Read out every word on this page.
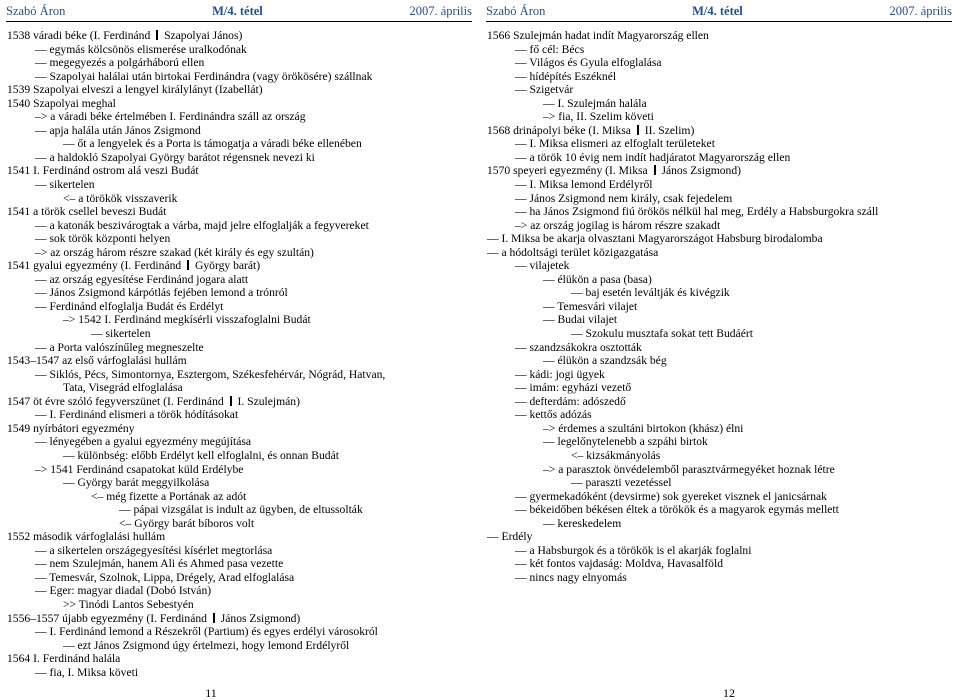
Szabó Áron	M/4. tétel	2007. április
1538 váradi béke (I. Ferdinánd  Szapolyai János)
— egymás kölcsönös elismerése uralkodónak
— megegyezés a polgárháború ellen
— Szapolyai halálai után birtokai Ferdinándra (vagy örökösére) szállnak
1539 Szapolyai elveszi a lengyel királylányt (Izabellát)
1540 Szapolyai meghal
–> a váradi béke értelmében I. Ferdinándra száll az ország
— apja halála után János Zsigmond
— őt a lengyelek és a Porta is támogatja a váradi béke ellenében
— a haldokló Szapolyai György barátot régensnek nevezi ki
1541 I. Ferdinánd ostrom alá veszi Budát
— sikertelen
<– a törökök visszaverik
1541 a török csellel beveszi Budát
— a katonák beszivárogtak a várba, majd jelre elfoglalják a fegyvereket
— sok török központi helyen
–> az ország három részre szakad (két király és egy szultán)
1541 gyalui egyezmény (I. Ferdinánd  György barát)
— az ország egyesítése Ferdinánd jogara alatt
— János Zsigmond kárpótlás fejében lemond a trónról
— Ferdinánd elfoglalja Budát és Erdélyt
–> 1542 I. Ferdinánd megkísérli visszafoglalni Budát
— sikertelen
— a Porta valószínűleg megneszelte
1543–1547 az első várfoglalási hullám
— Siklós, Pécs, Simontornya, Esztergom, Székesfehérvár, Nógrád, Hatvan,
Tata, Visegrád elfoglalása
1547 öt évre szóló fegyverszünet (I. Ferdinánd  I. Szulejmán)
— I. Ferdinánd elismeri a török hódításokat
1549 nyírbátori egyezmény
— lényegében a gyalui egyezmény megújítása
— különbség: előbb Erdélyt kell elfoglalni, és onnan Budát
–> 1541 Ferdinánd csapatokat küld Erdélybe
— György barát meggyilkolása
<– még fizette a Portának az adót
— pápai vizsgálat is indult az ügyben, de eltussolták
<– György barát bíboros volt
1552 második várfoglalási hullám
— a sikertelen országegyesítési kísérlet megtorlása
— nem Szulejmán, hanem Ali és Ahmed pasa vezette
— Temesvár, Szolnok, Lippa, Drégely, Arad elfoglalása
— Eger: magyar diadal (Dobó István)
>> Tinódi Lantos Sebestyén
1556–1557 újabb egyezmény (I. Ferdinánd  János Zsigmond)
— I. Ferdinánd lemond a Részekről (Partium) és egyes erdélyi városokról
— ezt János Zsigmond úgy értelmezi, hogy lemond Erdélyről
1564 I. Ferdinánd halála
— fia, I. Miksa követi
11
Szabó Áron	M/4. tétel	2007. április
1566 Szulejmán hadat indít Magyarország ellen
— fő cél: Bécs
— Világos és Gyula elfoglalása
— hídépítés Eszéknél
— Szigetvár
— I. Szulejmán halála
–> fia, II. Szelim követi
1568 drinápolyi béke (I. Miksa  II. Szelim)
— I. Miksa elismeri az elfoglalt területeket
— a török 10 évig nem indít hadjáratot Magyarország ellen
1570 speyeri egyezmény (I. Miksa  János Zsigmond)
— I. Miksa lemond Erdélyről
— János Zsigmond nem király, csak fejedelem
— ha János Zsigmond fiú örökös nélkül hal meg, Erdély a Habsburgokra száll
–> az ország jogilag is három részre szakadt
— I. Miksa be akarja olvasztani Magyarországot Habsburg birodalomba
— a hódoltsági terület közigazgatása
— vilajetek
— élükön a pasa (basa)
— baj esetén leváltják és kivégzik
— Temesvári vilajet
— Budai vilajet
— Szokulu musztafa sokat tett Budáért
— szandzsákokra osztották
— élükön a szandzsák bég
— kádi: jogi ügyek
— imám: egyházi vezető
— defterdám: adószedő
— kettős adózás
–> érdemes a szultáni birtokon (khász) élni
— legelőnytelenebb a szpáhi birtok
<– kizsákmányolás
–> a parasztok önvédelemből parasztvármegyéket hoznak létre
— paraszti vezetéssel
— gyermekadóként (devsirme) sok gyereket visznek el janicsárnak
— békeidőben békésen éltek a törökök és a magyarok egymás mellett
— kereskedelem
— Erdély
— a Habsburgok és a törökök is el akarják foglalni
— két fontos vajdaság: Moldva, Havasalföld
— nincs nagy elnyomás
12
